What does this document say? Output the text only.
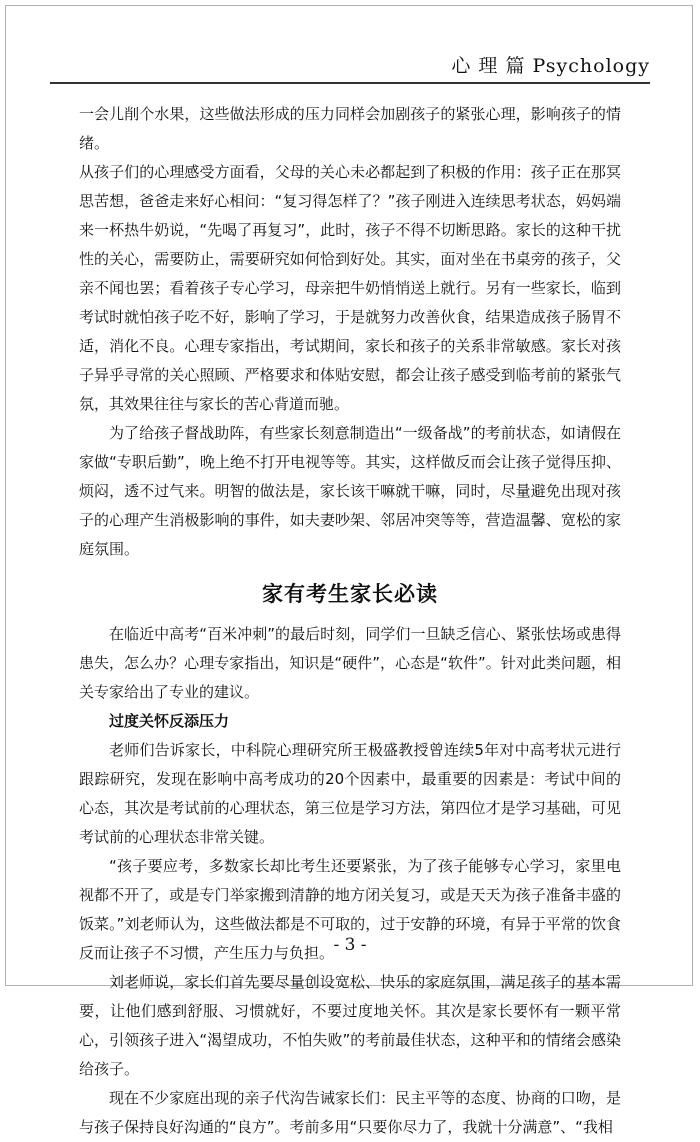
心 理 篇 Psychology

一会儿削个水果，这些做法形成的压力同样会加剧孩子的紧张心理，影响孩子的情绪。

从孩子们的心理感受方面看，父母的关心未必都起到了积极的作用：孩子正在那冥思苦想，爸爸走来好心相问：“复习得怎样了？”孩子刚进入连续思考状态，妈妈端来一杯热牛奶说，“先喝了再复习”，此时，孩子不得不切断思路。家长的这种干扰性的关心，需要防止，需要研究如何恰到好处。其实，面对坐在书桌旁的孩子，父亲不闻也罢；看着孩子专心学习，母亲把牛奶悄悄送上就行。另有一些家长，临到考试时就怕孩子吃不好，影响了学习，于是就努力改善伙食，结果造成孩子肠胃不适，消化不良。心理专家指出，考试期间，家长和孩子的关系非常敏感。家长对孩子异乎寻常的关心照顾、严格要求和体贴安慰，都会让孩子感受到临考前的紧张气氛，其效果往往与家长的苦心背道而驰。

为了给孩子督战助阵，有些家长刻意制造出“一级备战”的考前状态，如请假在家做“专职后勤”，晚上绝不打开电视等等。其实，这样做反而会让孩子觉得压抑、烦闷，透不过气来。明智的做法是，家长该干嘛就干嘛，同时，尽量避免出现对孩子的心理产生消极影响的事件，如夫妻吵架、邻居冲突等等，营造温馨、宽松的家庭氛围。

家有考生家长必读

在临近中高考“百米冲刺”的最后时刻，同学们一旦缺乏信心、紧张怯场或患得患失，怎么办？心理专家指出，知识是“硬件”，心态是“软件”。针对此类问题，相关专家给出了专业的建议。

过度关怀反添压力

老师们告诉家长，中科院心理研究所王极盛教授曾连续5年对中高考状元进行跟踪研究，发现在影响中高考成功的20个因素中，最重要的因素是：考试中间的心态，其次是考试前的心理状态，第三位是学习方法，第四位才是学习基础，可见考试前的心理状态非常关键。

“孩子要应考，多数家长却比考生还要紧张，为了孩子能够专心学习，家里电视都不开了，或是专门举家搬到清静的地方闭关复习，或是天天为孩子准备丰盛的饭菜。”刘老师认为，这些做法都是不可取的，过于安静的环境，有异于平常的饮食反而让孩子不习惯，产生压力与负担。

刘老师说，家长们首先要尽量创设宽松、快乐的家庭氛围，满足孩子的基本需要，让他们感到舒服、习惯就好，不要过度地关怀。其次是家长要怀有一颗平常心，引领孩子进入“渴望成功，不怕失败”的考前最佳状态，这种平和的情绪会感染给孩子。

现在不少家庭出现的亲子代沟告诫家长们：民主平等的态度、协商的口吻，是与孩子保持良好沟通的“良方”。考前多用“只要你尽力了，我就十分满意”、“我相

- 3 -
